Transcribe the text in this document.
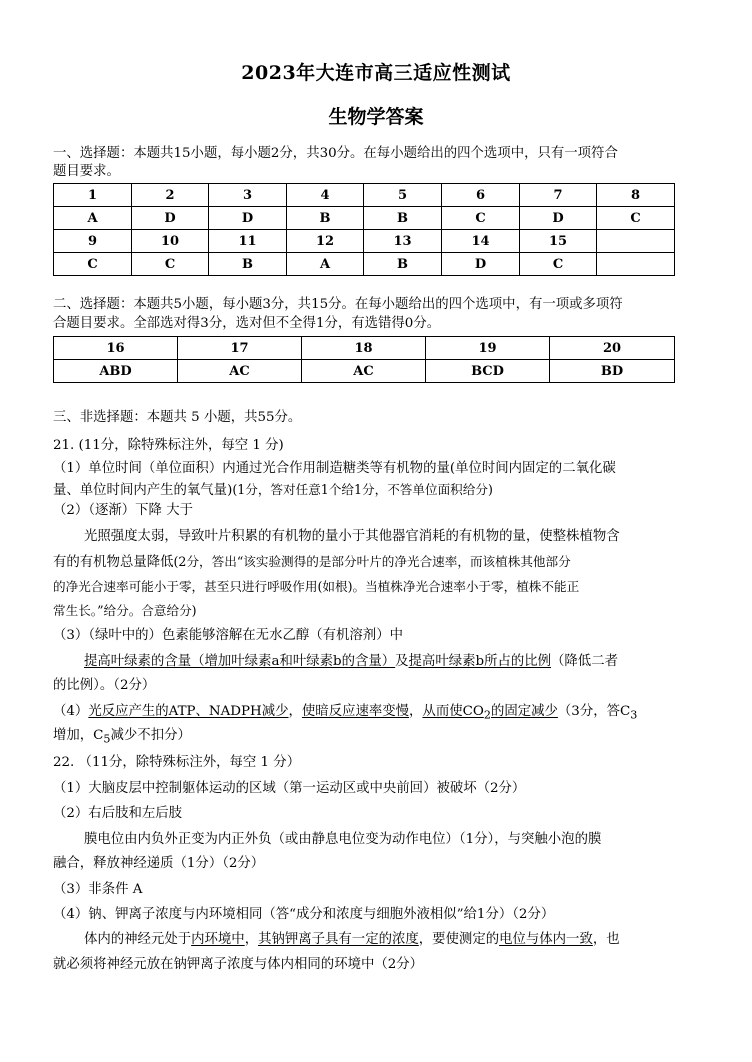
2023年大连市高三适应性测试
生物学答案
一、选择题：本题共15小题，每小题2分，共30分。在每小题给出的四个选项中，只有一项符合
题目要求。
1	2	3	4	5	6	7	8
A	D	D	B	B	C	D	C
9	10	11	12	13	14	15	
C	C	B	A	B	D	C	
二、选择题：本题共5小题，每小题3分，共15分。在每小题给出的四个选项中，有一项或多项符
合题目要求。全部选对得3分，选对但不全得1分，有选错得0分。
16	17	18	19	20
ABD	AC	AC	BCD	BD
三、非选择题：本题共 5 小题，共55分。
21. (11分，除特殊标注外，每空 1 分)
（1）单位时间（单位面积）内通过光合作用制造糖类等有机物的量(单位时间内固定的二氧化碳
量、单位时间内产生的氧气量)(1分，答对任意1个给1分，不答单位面积给分)
（2）（逐渐）下降 大于
光照强度太弱，导致叶片积累的有机物的量小于其他器官消耗的有机物的量，使整株植物含
有的有机物总量降低(2分，答出“该实验测得的是部分叶片的净光合速率，而该植株其他部分
的净光合速率可能小于零，甚至只进行呼吸作用(如根)。当植株净光合速率小于零，植株不能正
常生长。”给分。合意给分)
（3）（绿叶中的）色素能够溶解在无水乙醇（有机溶剂）中
提高叶绿素的含量（增加叶绿素a和叶绿素b的含量）及提高叶绿素b所占的比例（降低二者
的比例）。（2分）
（4）光反应产生的ATP、NADPH减少，使暗反应速率变慢，从而使$CO_2$的固定减少（3分，答$C_3$
增加，$C_5$减少不扣分）
22. （11分，除特殊标注外，每空 1 分）
（1）大脑皮层中控制躯体运动的区域（第一运动区或中央前回）被破坏（2分）
（2）右后肢和左后肢
膜电位由内负外正变为内正外负（或由静息电位变为动作电位）（1分），与突触小泡的膜
融合，释放神经递质（1分）（2分）
（3）非条件 A
（4）钠、钾离子浓度与内环境相同（答“成分和浓度与细胞外液相似”给1分）（2分）
体内的神经元处于内环境中，其钠钾离子具有一定的浓度，要使测定的电位与体内一致，也
就必须将神经元放在钠钾离子浓度与体内相同的环境中（2分）
